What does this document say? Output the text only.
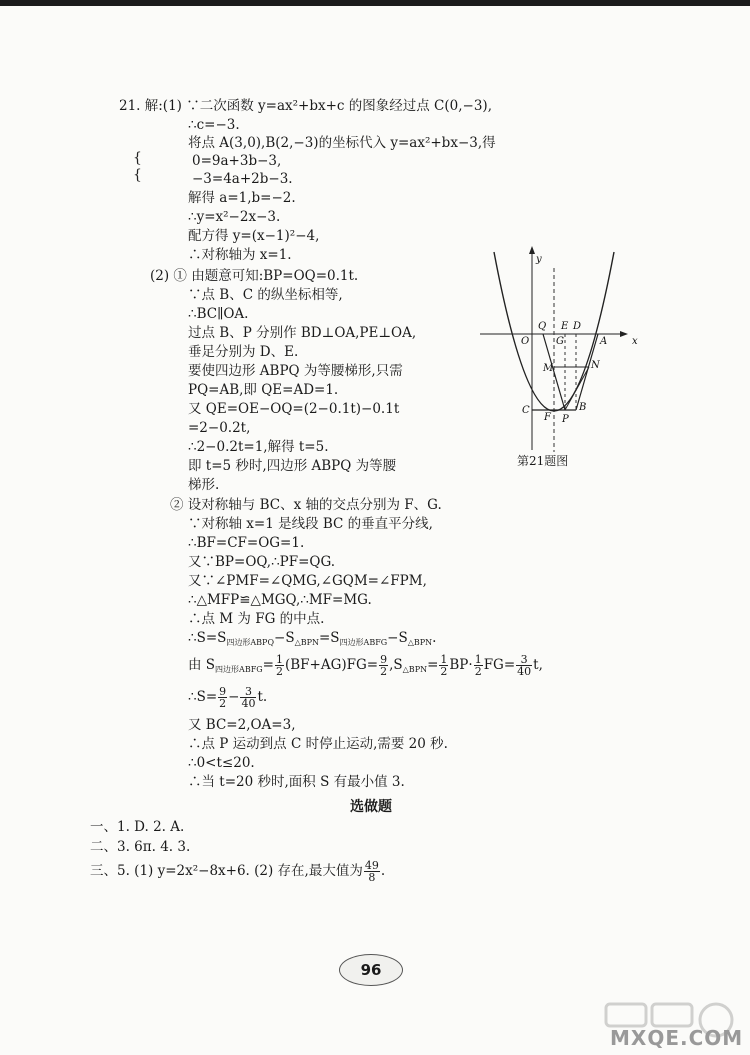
21. 解:(1) ∵二次函数 y=ax²+bx+c 的图象经过点 C(0,−3),
∴c=−3.
将点 A(3,0),B(2,−3)的坐标代入 y=ax²+bx−3,得
{
{
0=9a+3b−3,
−3=4a+2b−3.
解得 a=1,b=−2.
∴y=x²−2x−3.
配方得 y=(x−1)²−4,
∴对称轴为 x=1.
(2) ① 由题意可知:BP=OQ=0.1t.
∵点 B、C 的纵坐标相等,
∴BC∥OA.
过点 B、P 分别作 BD⊥OA,PE⊥OA,
垂足分别为 D、E.
要使四边形 ABPQ 为等腰梯形,只需
PQ=AB,即 QE=AD=1.
又 QE=OE−OQ=(2−0.1t)−0.1t
=2−0.2t,
∴2−0.2t=1,解得 t=5.
即 t=5 秒时,四边形 ABPQ 为等腰
梯形.
② 设对称轴与 BC、x 轴的交点分别为 F、G.
∵对称轴 x=1 是线段 BC 的垂直平分线,
∴BF=CF=OG=1.
又∵BP=OQ,∴PF=QG.
又∵∠PMF=∠QMG,∠GQM=∠FPM,
∴△MFP≌△MGQ,∴MF=MG.
∴点 M 为 FG 的中点.
$\therefore S=S_{四边形ABPQ}-S_{\triangle BPN}=S_{四边形ABFG}-S_{\triangle BPN}$.
由 $S_{四边形ABFG}= \frac{1}{2} (BF+AG)FG= \frac{9}{2} ,S_{\triangle BPN}= \frac{1}{2} BP\cdot \frac{1}{2} FG= \frac{3}{40} t$,
∴S= $\frac{9}{2} - \frac{3}{40} t$.
又 BC=2,OA=3,
∴点 P 运动到点 C 时停止运动,需要 20 秒.
∴0<t≤20.
∴当 t=20 秒时,面积 S 有最小值 3.
选做题
一、1. D. 2. A.
二、3. 6π. 4. 3.
三、5. (1) y=2x²−8x+6. (2) 存在,最大值为 $\frac{49}{8}$ .
y
x
O
Q
G
E D
A
M	N
C
F P
B
第21题图
96
MXQE.COM
